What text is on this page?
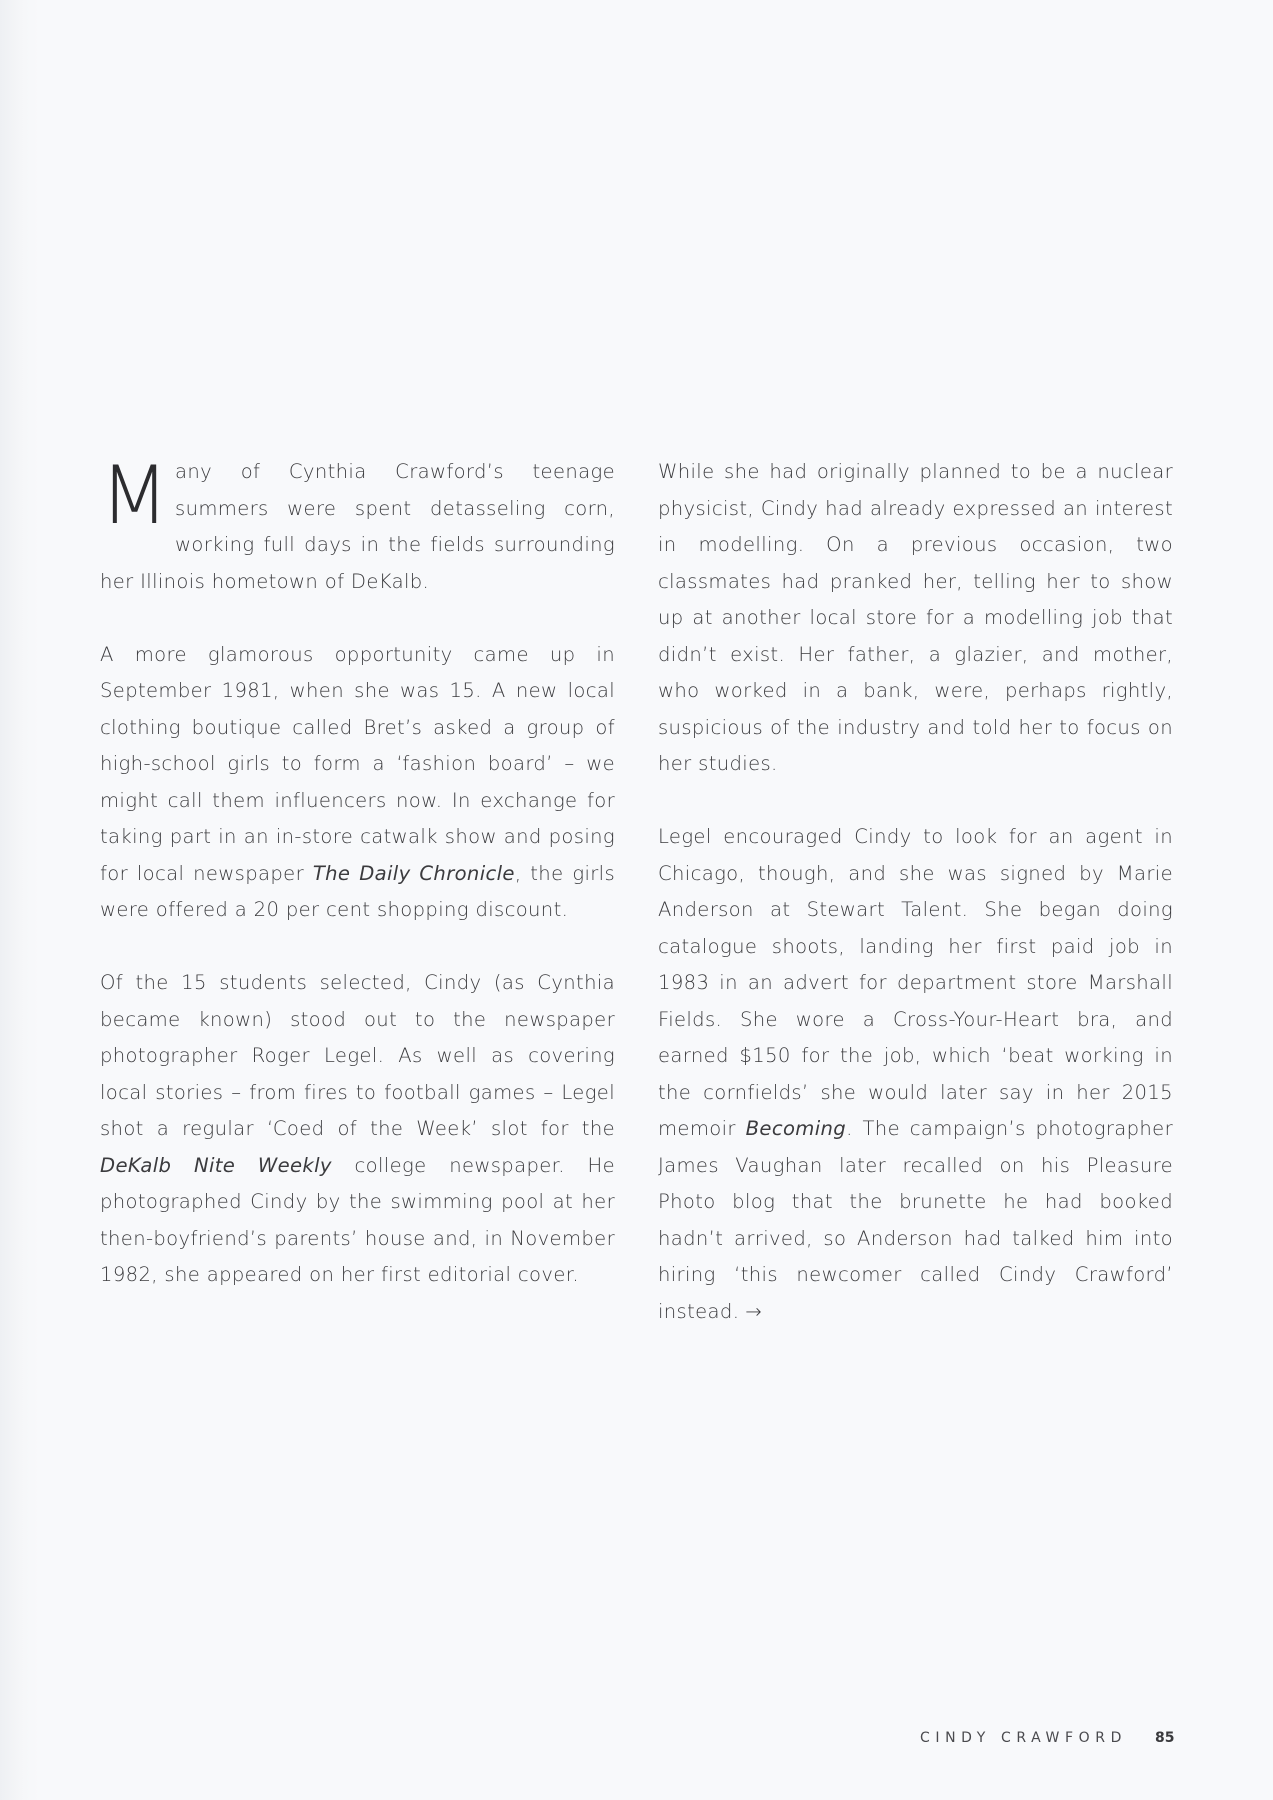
Many of Cynthia Crawford’s teenage summers were spent detasseling corn, working full days in the fields surrounding her Illinois hometown of DeKalb.

A more glamorous opportunity came up in September 1981, when she was 15. A new local clothing boutique called Bret’s asked a group of high-school girls to form a ‘fashion board’ – we might call them influencers now. In exchange for taking part in an in-store catwalk show and posing for local newspaper The Daily Chronicle, the girls were offered a 20 per cent shopping discount.

Of the 15 students selected, Cindy (as Cynthia became known) stood out to the newspaper photographer Roger Legel. As well as covering local stories – from fires to football games – Legel shot a regular ‘Coed of the Week’ slot for the DeKalb Nite Weekly college newspaper. He photographed Cindy by the swimming pool at her then-boyfriend’s parents’ house and, in November 1982, she appeared on her first editorial cover.

While she had originally planned to be a nuclear physicist, Cindy had already expressed an interest in modelling. On a previous occasion, two classmates had pranked her, telling her to show up at another local store for a modelling job that didn’t exist. Her father, a glazier, and mother, who worked in a bank, were, perhaps rightly, suspicious of the industry and told her to focus on her studies.

Legel encouraged Cindy to look for an agent in Chicago, though, and she was signed by Marie Anderson at Stewart Talent. She began doing catalogue shoots, landing her first paid job in 1983 in an advert for department store Marshall Fields. She wore a Cross-Your-Heart bra, and earned $150 for the job, which ‘beat working in the cornfields’ she would later say in her 2015 memoir Becoming. The campaign’s photographer James Vaughan later recalled on his Pleasure Photo blog that the brunette he had booked hadn’t arrived, so Anderson had talked him into hiring ‘this newcomer called Cindy Crawford’ instead. →

CINDY CRAWFORD 85
